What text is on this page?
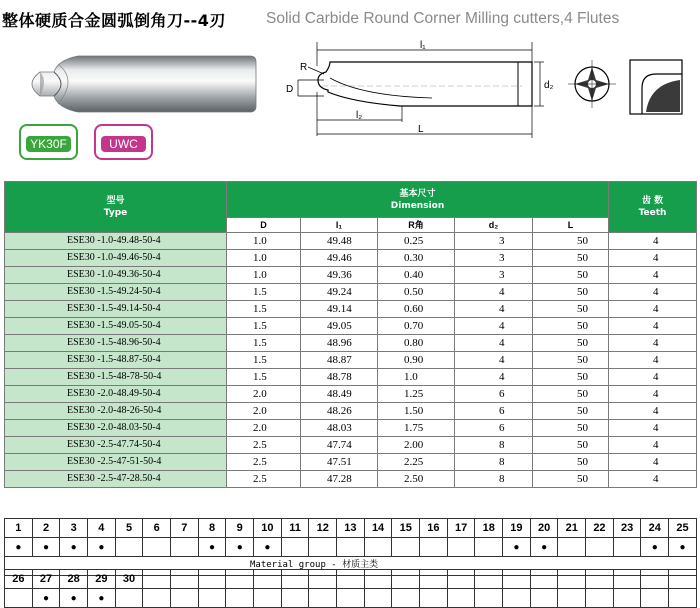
整体硬质合金圆弧倒角刀--4刃	Solid Carbide Round Corner Milling cutters,4 Flutes
YK30F	UWC
l₁
R
D	d₂
l₂
L
型号
Type	基本尺寸
Dimension					齿 数
Teeth
	D	l₁	R角	d₂	L	
ESE30 -1.0-49.48-50-4	1.0	49.48	0.25	3	50	4
ESE30 -1.0-49.46-50-4	1.0	49.46	0.30	3	50	4
ESE30 -1.0-49.36-50-4	1.0	49.36	0.40	3	50	4
ESE30 -1.5-49.24-50-4	1.5	49.24	0.50	4	50	4
ESE30 -1.5-49.14-50-4	1.5	49.14	0.60	4	50	4
ESE30 -1.5-49.05-50-4	1.5	49.05	0.70	4	50	4
ESE30 -1.5-48.96-50-4	1.5	48.96	0.80	4	50	4
ESE30 -1.5-48.87-50-4	1.5	48.87	0.90	4	50	4
ESE30 -1.5-48-78-50-4	1.5	48.78	1.0	4	50	4
ESE30 -2.0-48.49-50-4	2.0	48.49	1.25	6	50	4
ESE30 -2.0-48-26-50-4	2.0	48.26	1.50	6	50	4
ESE30 -2.0-48.03-50-4	2.0	48.03	1.75	6	50	4
ESE30 -2.5-47.74-50-4	2.5	47.74	2.00	8	50	4
ESE30 -2.5-47-51-50-4	2.5	47.51	2.25	8	50	4
ESE30 -2.5-47-28.50-4	2.5	47.28	2.50	8	50	4
1	2	3	4	5	6	7	8	9	10	11	12	13	14	15	16	17	18	19	20	21	22	23	24	25
●	●	●	●				●	●	●									●	●				●	●

Material group - 材质主类
26	27	28	29	30																				
	●	●	●																					
